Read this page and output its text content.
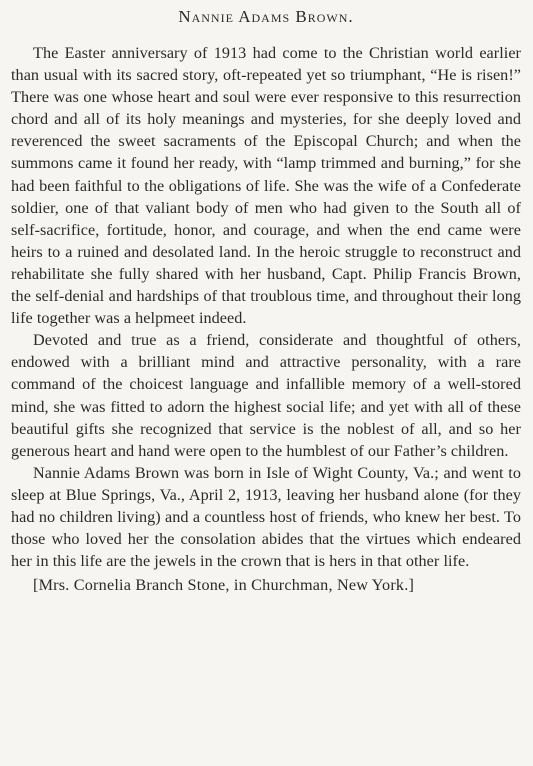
Nannie Adams Brown.

The Easter anniversary of 1913 had come to the Christian world earlier than usual with its sacred story, oft-repeated yet so triumphant, “He is risen!” There was one whose heart and soul were ever responsive to this resurrection chord and all of its holy meanings and mysteries, for she deeply loved and reverenced the sweet sacraments of the Episcopal Church; and when the summons came it found her ready, with “lamp trimmed and burning,” for she had been faithful to the obligations of life. She was the wife of a Confederate soldier, one of that valiant body of men who had given to the South all of self-sacrifice, fortitude, honor, and courage, and when the end came were heirs to a ruined and desolated land. In the heroic struggle to reconstruct and rehabilitate she fully shared with her husband, Capt. Philip Francis Brown, the self-denial and hardships of that troublous time, and throughout their long life together was a helpmeet indeed.

Devoted and true as a friend, considerate and thoughtful of others, endowed with a brilliant mind and attractive personality, with a rare command of the choicest language and infallible memory of a well-stored mind, she was fitted to adorn the highest social life; and yet with all of these beautiful gifts she recognized that service is the noblest of all, and so her generous heart and hand were open to the humblest of our Father’s children.

Nannie Adams Brown was born in Isle of Wight County, Va.; and went to sleep at Blue Springs, Va., April 2, 1913, leaving her husband alone (for they had no children living) and a countless host of friends, who knew her best. To those who loved her the consolation abides that the virtues which endeared her in this life are the jewels in the crown that is hers in that other life.

[Mrs. Cornelia Branch Stone, in Churchman, New York.]
